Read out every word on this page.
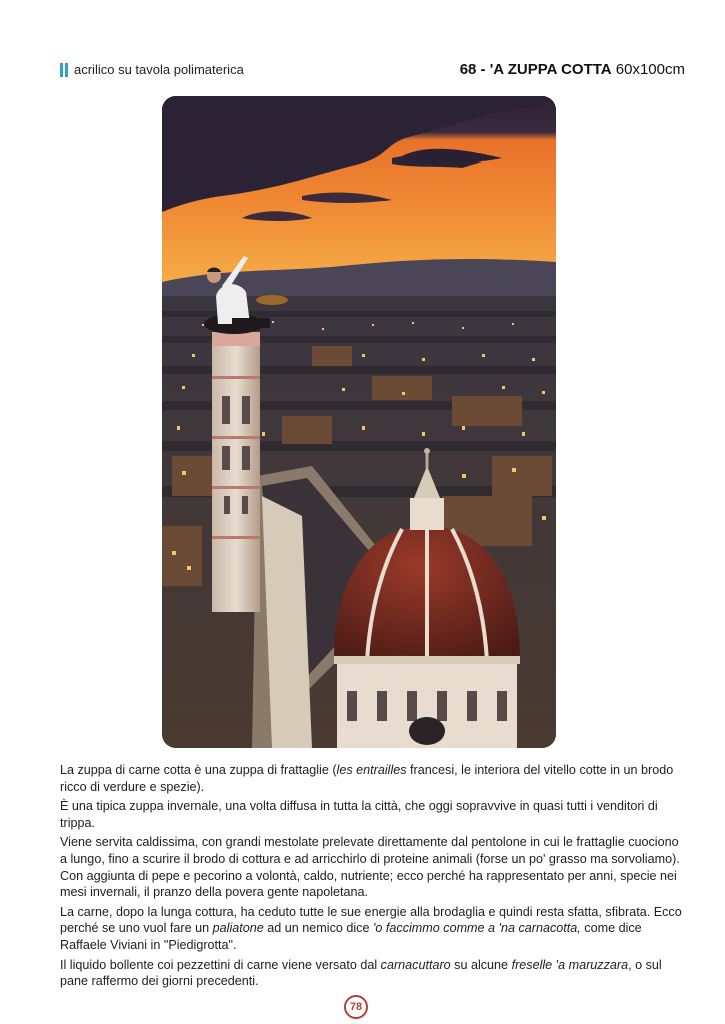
acrilico su tavola polimaterica	68 - 'A ZUPPA COTTA 60x100cm

La zuppa di carne cotta è una zuppa di frattaglie (les entrailles francesi, le interiora del vitello cotte in un brodo ricco di verdure e spezie).

È una tipica zuppa invernale, una volta diffusa in tutta la città, che oggi sopravvive in quasi tutti i venditori di trippa.

Viene servita caldissima, con grandi mestolate prelevate direttamente dal pentolone in cui le frattaglie cuociono a lungo, fino a scurire il brodo di cottura e ad arricchirlo di proteine animali (forse un po' grasso ma sorvoliamo). Con aggiunta di pepe e pecorino a volontà, caldo, nutriente; ecco perché ha rappresentato per anni, specie nei mesi invernali, il pranzo della povera gente napoletana.

La carne, dopo la lunga cottura, ha ceduto tutte le sue energie alla brodaglia e quindi resta sfatta, sfibrata. Ecco perché se uno vuol fare un paliatone ad un nemico dice 'o faccimmo comme a 'na carnacotta, come dice Raffaele Viviani in "Piedigrotta".

Il liquido bollente coi pezzettini di carne viene versato dal carnacuttaro su alcune freselle 'a maruzzara, o sul pane raffermo dei giorni precedenti.

78
